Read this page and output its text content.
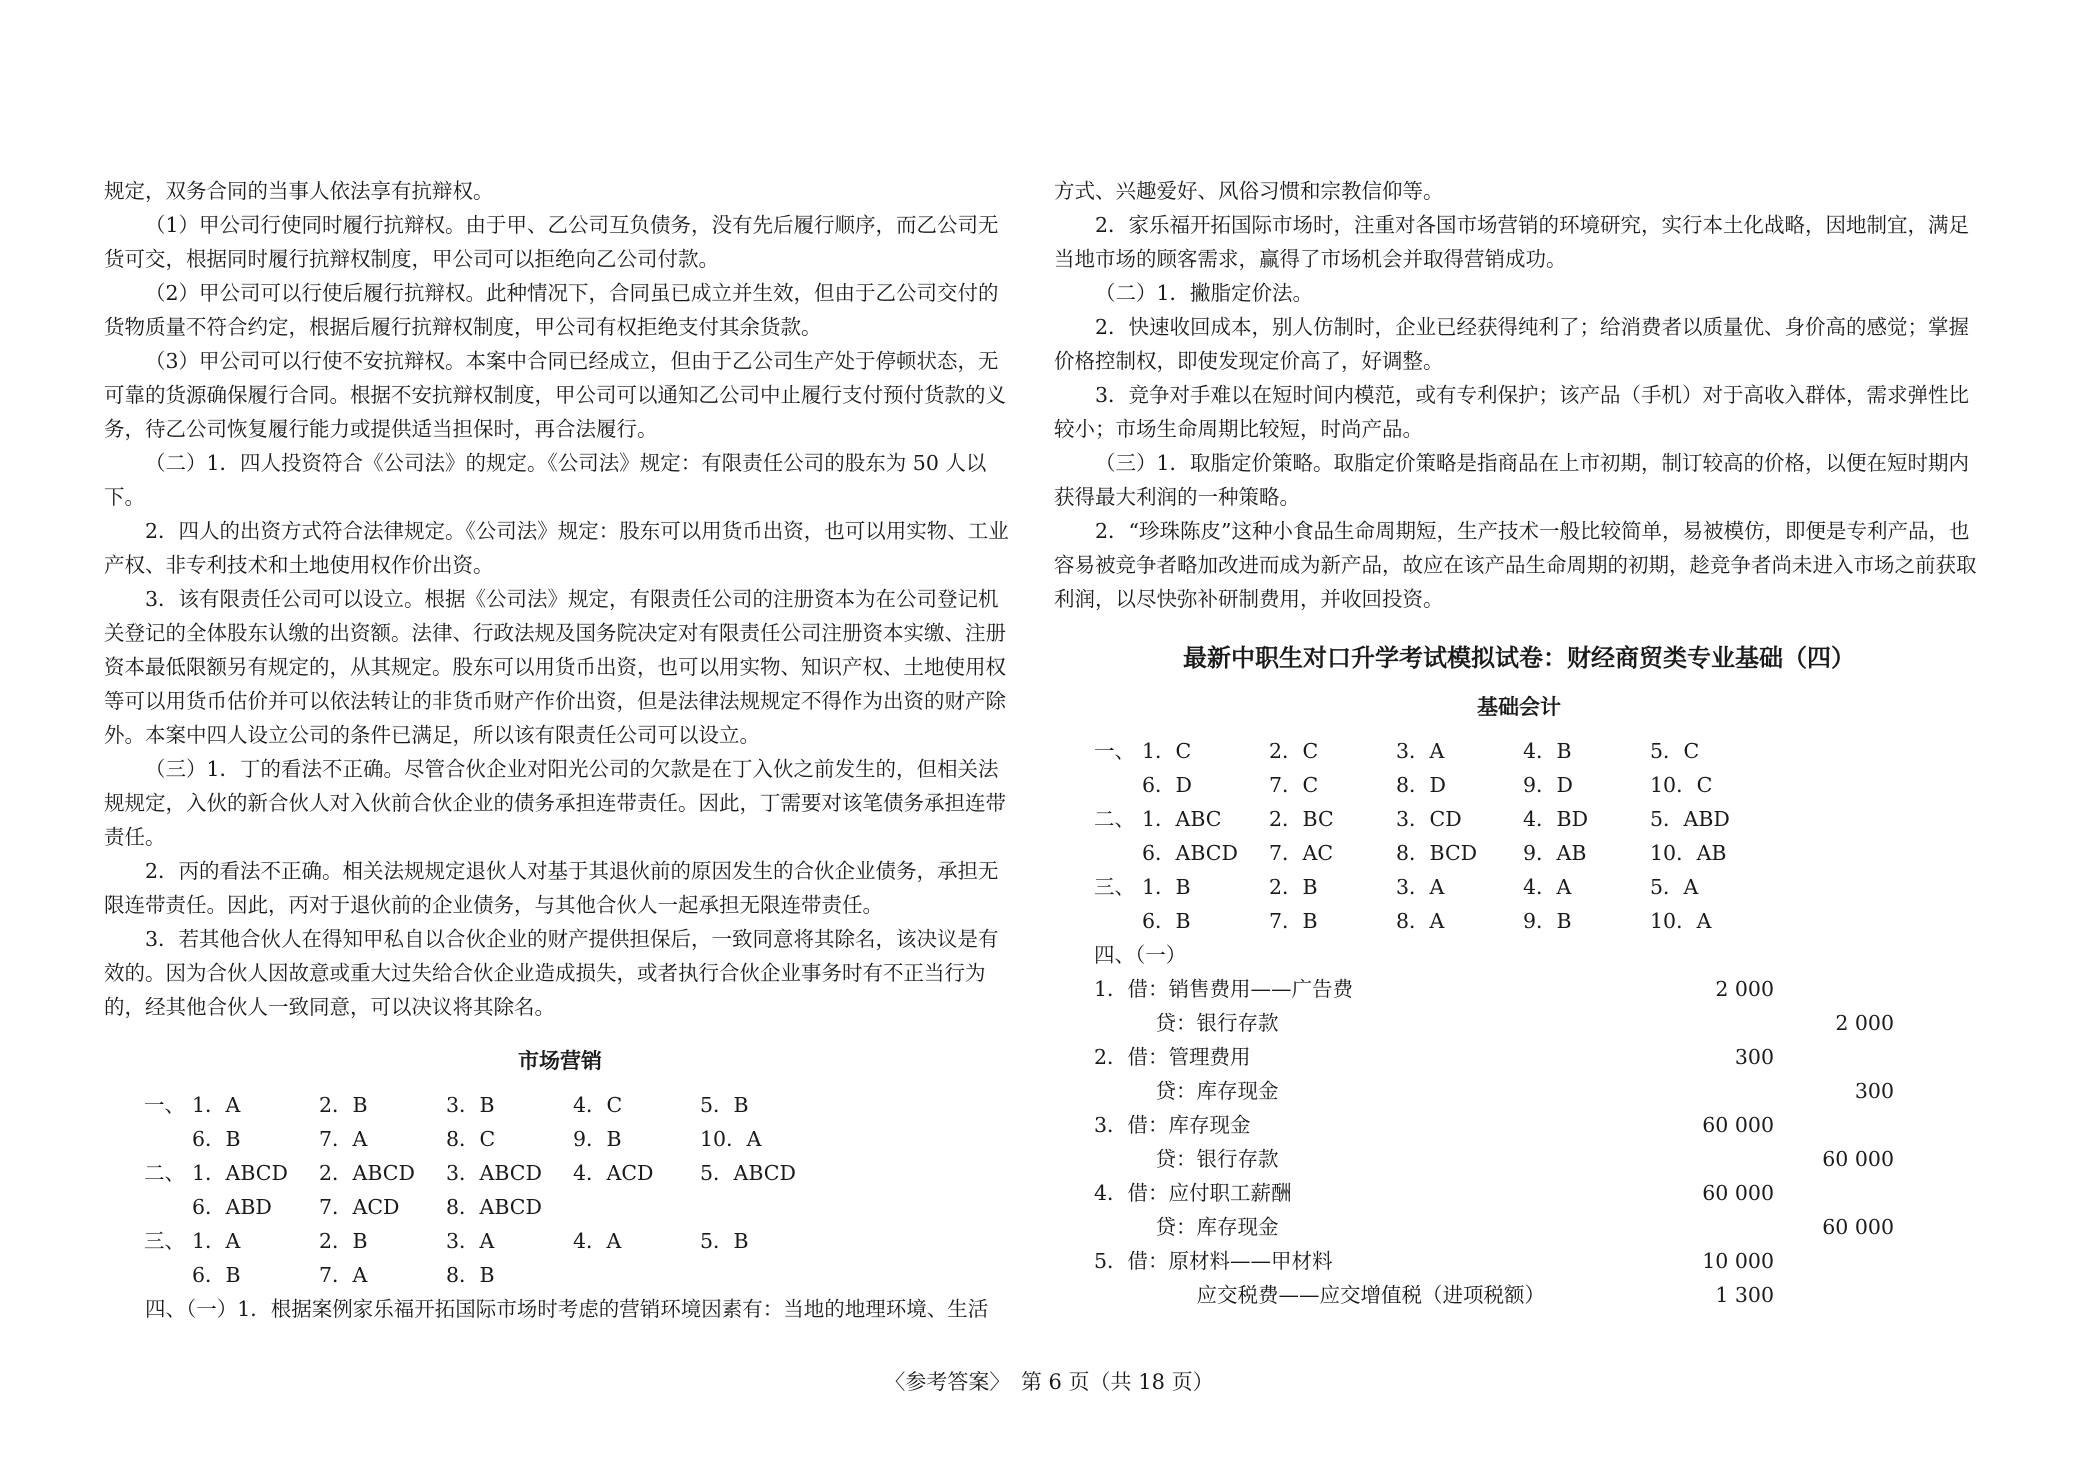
规定，双务合同的当事人依法享有抗辩权。

（1）甲公司行使同时履行抗辩权。由于甲、乙公司互负债务，没有先后履行顺序，而乙公司无货可交，根据同时履行抗辩权制度，甲公司可以拒绝向乙公司付款。

（2）甲公司可以行使后履行抗辩权。此种情况下，合同虽已成立并生效，但由于乙公司交付的货物质量不符合约定，根据后履行抗辩权制度，甲公司有权拒绝支付其余货款。

（3）甲公司可以行使不安抗辩权。本案中合同已经成立，但由于乙公司生产处于停顿状态，无可靠的货源确保履行合同。根据不安抗辩权制度，甲公司可以通知乙公司中止履行支付预付货款的义务，待乙公司恢复履行能力或提供适当担保时，再合法履行。

（二）1．四人投资符合《公司法》的规定。《公司法》规定：有限责任公司的股东为 50 人以下。

2．四人的出资方式符合法律规定。《公司法》规定：股东可以用货币出资，也可以用实物、工业产权、非专利技术和土地使用权作价出资。

3．该有限责任公司可以设立。根据《公司法》规定，有限责任公司的注册资本为在公司登记机关登记的全体股东认缴的出资额。法律、行政法规及国务院决定对有限责任公司注册资本实缴、注册资本最低限额另有规定的，从其规定。股东可以用货币出资，也可以用实物、知识产权、土地使用权等可以用货币估价并可以依法转让的非货币财产作价出资，但是法律法规规定不得作为出资的财产除外。本案中四人设立公司的条件已满足，所以该有限责任公司可以设立。

（三）1．丁的看法不正确。尽管合伙企业对阳光公司的欠款是在丁入伙之前发生的，但相关法规规定，入伙的新合伙人对入伙前合伙企业的债务承担连带责任。因此，丁需要对该笔债务承担连带责任。

2．丙的看法不正确。相关法规规定退伙人对基于其退伙前的原因发生的合伙企业债务，承担无限连带责任。因此，丙对于退伙前的企业债务，与其他合伙人一起承担无限连带责任。

3．若其他合伙人在得知甲私自以合伙企业的财产提供担保后，一致同意将其除名，该决议是有效的。因为合伙人因故意或重大过失给合伙企业造成损失，或者执行合伙企业事务时有不正当行为的，经其他合伙人一致同意，可以决议将其除名。

市场营销
一、 1．A	2．B	3．B	4．C	5．B
6．B	7．A	8．C	9．B	10．A
二、 1．ABCD	2．ABCD	3．ABCD	4．ACD	5．ABCD
6．ABD	7．ACD	8．ABCD
三、 1．A	2．B	3．A	4．A	5．B
6．B	7．A	8．B

四、（一）1．根据案例家乐福开拓国际市场时考虑的营销环境因素有：当地的地理环境、生活

方式、兴趣爱好、风俗习惯和宗教信仰等。

2．家乐福开拓国际市场时，注重对各国市场营销的环境研究，实行本土化战略，因地制宜，满足当地市场的顾客需求，赢得了市场机会并取得营销成功。

（二）1．撇脂定价法。

2．快速收回成本，别人仿制时，企业已经获得纯利了；给消费者以质量优、身价高的感觉；掌握价格控制权，即使发现定价高了，好调整。

3．竞争对手难以在短时间内模范，或有专利保护；该产品（手机）对于高收入群体，需求弹性比较小；市场生命周期比较短，时尚产品。

（三）1．取脂定价策略。取脂定价策略是指商品在上市初期，制订较高的价格，以便在短时期内获得最大利润的一种策略。

2．“珍珠陈皮”这种小食品生命周期短，生产技术一般比较简单，易被模仿，即便是专利产品，也容易被竞争者略加改进而成为新产品，故应在该产品生命周期的初期，趁竞争者尚未进入市场之前获取利润，以尽快弥补研制费用，并收回投资。

最新中职生对口升学考试模拟试卷：财经商贸类专业基础（四）
基础会计
一、 1．C	2．C	3．A	4．B	5．C
6．D	7．C	8．D	9．D	10．C
二、 1．ABC	2．BC	3．CD	4．BD	5．ABD
6．ABCD	7．AC	8．BCD	9．AB	10．AB
三、 1．B	2．B	3．A	4．A	5．A
6．B	7．B	8．A	9．B	10．A
四、（一）
1．借：销售费用——广告费	2 000
　　　贷：银行存款	2 000
2．借：管理费用	300
　　　贷：库存现金	300
3．借：库存现金	60 000
　　　贷：银行存款	60 000
4．借：应付职工薪酬	60 000
　　　贷：库存现金	60 000
5．借：原材料——甲材料	10 000
　　　　　应交税费——应交增值税（进项税额）	1 300
〈参考答案〉　第 6 页（共 18 页）
